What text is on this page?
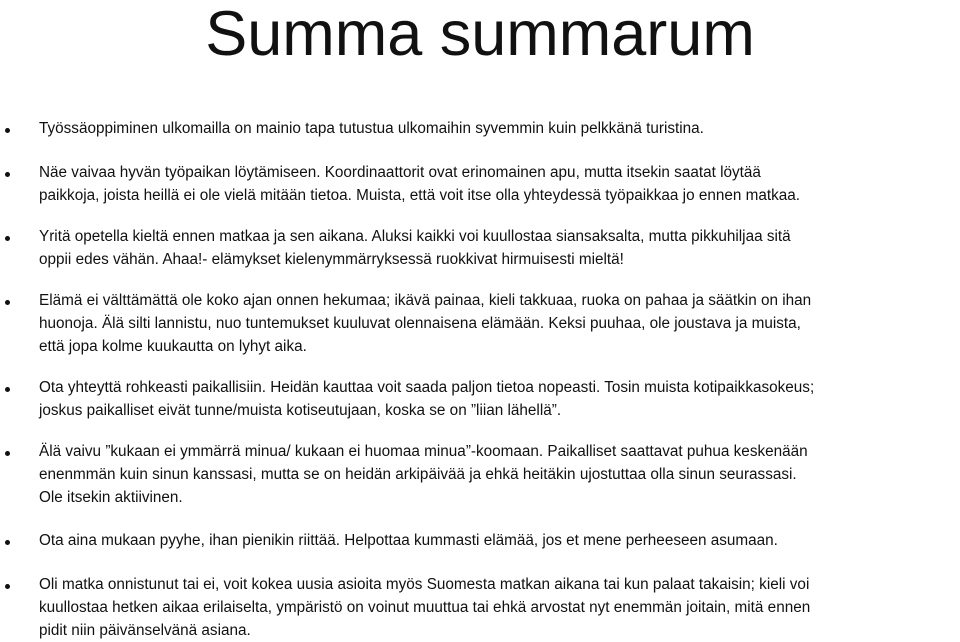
Summa summarum
Työssäoppiminen ulkomailla on mainio tapa tutustua ulkomaihin syvemmin kuin pelkkänä turistina.
Näe vaivaa hyvän työpaikan löytämiseen. Koordinaattorit ovat erinomainen apu, mutta itsekin saatat löytää
paikkoja, joista heillä ei ole vielä mitään tietoa. Muista, että voit itse olla yhteydessä työpaikkaa jo ennen matkaa.
Yritä opetella kieltä ennen matkaa ja sen aikana. Aluksi kaikki voi kuullostaa siansaksalta, mutta pikkuhiljaa sitä
oppii edes vähän. Ahaa!- elämykset kielenymmärryksessä ruokkivat hirmuisesti mieltä!
Elämä ei välttämättä ole koko ajan onnen hekumaa; ikävä painaa, kieli takkuaa, ruoka on pahaa ja säätkin on ihan
huonoja. Älä silti lannistu, nuo tuntemukset kuuluvat olennaisena elämään. Keksi puuhaa, ole joustava ja muista,
että jopa kolme kuukautta on lyhyt aika.
Ota yhteyttä rohkeasti paikallisiin. Heidän kauttaa voit saada paljon tietoa nopeasti. Tosin muista kotipaikkasokeus;
joskus paikalliset eivät tunne/muista kotiseutujaan, koska se on ”liian lähellä”.
Älä vaivu ”kukaan ei ymmärrä minua/ kukaan ei huomaa minua”-koomaan. Paikalliset saattavat puhua keskenään
enenmmän kuin sinun kanssasi, mutta se on heidän arkipäivää ja ehkä heitäkin ujostuttaa olla sinun seurassasi.
Ole itsekin aktiivinen.
Ota aina mukaan pyyhe, ihan pienikin riittää. Helpottaa kummasti elämää, jos et mene perheeseen asumaan.
Oli matka onnistunut tai ei, voit kokea uusia asioita myös Suomesta matkan aikana tai kun palaat takaisin; kieli voi
kuullostaa hetken aikaa erilaiselta, ympäristö on voinut muuttua tai ehkä arvostat nyt enemmän joitain, mitä ennen
pidit niin päivänselvänä asiana.
